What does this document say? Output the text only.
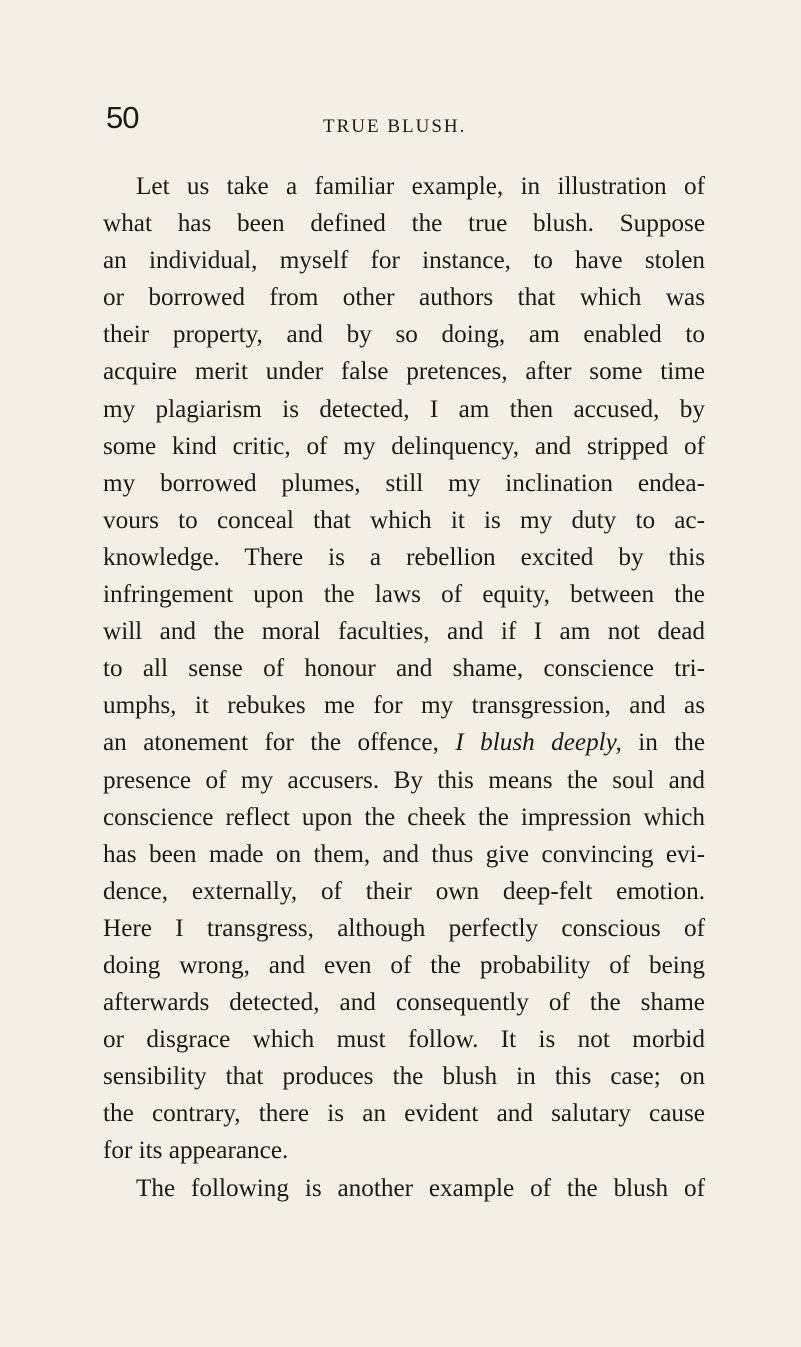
50	TRUE BLUSH.
Let us take a familiar example, in illustration of
what has been defined the true blush. Suppose
an individual, myself for instance, to have stolen
or borrowed from other authors that which was
their property, and by so doing, am enabled to
acquire merit under false pretences, after some time
my plagiarism is detected, I am then accused, by
some kind critic, of my delinquency, and stripped of
my borrowed plumes, still my inclination endea-
vours to conceal that which it is my duty to ac-
knowledge. There is a rebellion excited by this
infringement upon the laws of equity, between the
will and the moral faculties, and if I am not dead
to all sense of honour and shame, conscience tri-
umphs, it rebukes me for my transgression, and as
an atonement for the offence, I blush deeply, in the
presence of my accusers. By this means the soul and
conscience reflect upon the cheek the impression which
has been made on them, and thus give convincing evi-
dence, externally, of their own deep-felt emotion.
Here I transgress, although perfectly conscious of
doing wrong, and even of the probability of being
afterwards detected, and consequently of the shame
or disgrace which must follow. It is not morbid
sensibility that produces the blush in this case; on
the contrary, there is an evident and salutary cause
for its appearance.
The following is another example of the blush of
